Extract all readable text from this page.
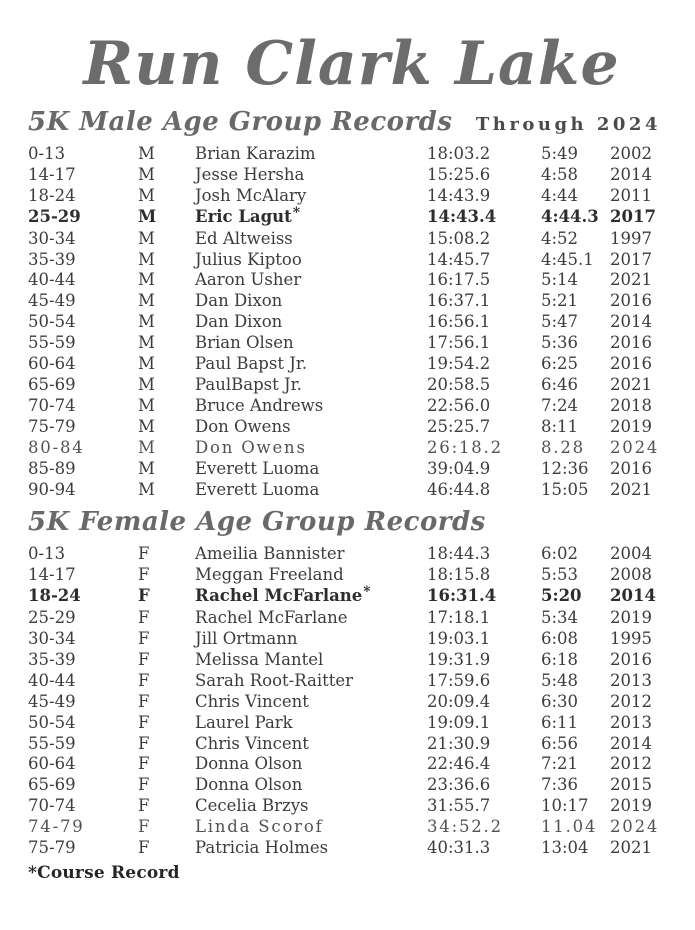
Run Clark Lake
5K Male Age Group Records Through 2024
0-13	M	Brian Karazim	18:03.2	5:49	2002
14-17	M	Jesse Hersha	15:25.6	4:58	2014
18-24	M	Josh McAlary	14:43.9	4:44	2011
25-29	M	Eric Lagut*	14:43.4	4:44.3 2017
30-34	M	Ed Altweiss	15:08.2	4:52	1997
35-39	M	Julius Kiptoo	14:45.7	4:45.1 2017
40-44	M	Aaron Usher	16:17.5	5:14	2021
45-49	M	Dan Dixon	16:37.1	5:21	2016
50-54	M	Dan Dixon	16:56.1	5:47	2014
55-59	M	Brian Olsen	17:56.1	5:36	2016
60-64	M	Paul Bapst Jr.	19:54.2	6:25	2016
65-69	M	PaulBapst Jr.	20:58.5	6:46	2021
70-74	M	Bruce Andrews	22:56.0	7:24	2018
75-79	M	Don Owens	25:25.7	8:11	2019
80-84	M	Don Owens	26:18.2	8.28	2024
85-89	M	Everett Luoma	39:04.9	12:36	2016
90-94	M	Everett Luoma	46:44.8	15:05	2021
5K Female Age Group Records
0-13	F	Ameilia Bannister	18:44.3	6:02	2004
14-17	F	Meggan Freeland	18:15.8	5:53	2008
18-24	F	Rachel McFarlane*	16:31.4	5:20	2014
25-29	F	Rachel McFarlane	17:18.1	5:34	2019
30-34	F	Jill Ortmann	19:03.1	6:08	1995
35-39	F	Melissa Mantel	19:31.9	6:18	2016
40-44	F	Sarah Root-Raitter	17:59.6	5:48	2013
45-49	F	Chris Vincent	20:09.4	6:30	2012
50-54	F	Laurel Park	19:09.1	6:11	2013
55-59	F	Chris Vincent	21:30.9	6:56	2014
60-64	F	Donna Olson	22:46.4	7:21	2012
65-69	F	Donna Olson	23:36.6	7:36	2015
70-74	F	Cecelia Brzys	31:55.7	10:17	2019
74-79	F	Linda Scorof	34:52.2	11.04 2024
75-79	F	Patricia Holmes	40:31.3	13:04	2021
*Course Record
